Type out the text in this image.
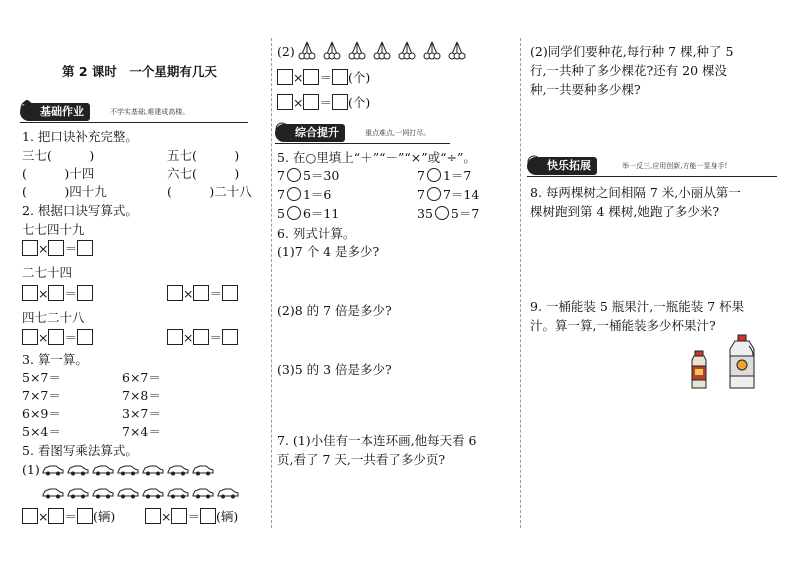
第 2 课时　一个星期有几天
基础作业	不学实基础,难建成高楼。
1. 把口诀补充完整。
三七(　　　)	五七(　　　)
(　　　)十四	六七(　　　)
(　　　)四十九	(　　　)二十八
2. 根据口诀写算式。
七七四十九
× ＝
二七十四
× ＝	× ＝
四七二十八
× ＝	× ＝
3. 算一算。
5×7＝	6×7＝
7×7＝	7×8＝
6×9＝	3×7＝
5×4＝	7×4＝
5. 看图写乘法算式。
(1)
× ＝ (辆)	× ＝ (辆)
(2)
× ＝ (个)
× ＝ (个)
综合提升	重点难点,一网打尽。
5. 在○里填上“＋”“－”“×”或“÷”。
7 5＝30	7 1＝7
7 1＝6	7 7＝14
5 6＝11	35 5＝7
6. 列式计算。
(1)7 个 4 是多少?
(2)8 的 7 倍是多少?
(3)5 的 3 倍是多少?
7. (1)小佳有一本连环画,他每天看 6
页,看了 7 天,一共看了多少页?
(2)同学们要种花,每行种 7 棵,种了 5
行,一共种了多少棵花?还有 20 棵没
种,一共要种多少棵?
快乐拓展	举一反三,应用创新,方能一显身手!
8. 每两棵树之间相隔 7 米,小丽从第一
棵树跑到第 4 棵树,她跑了多少米?
9. 一桶能装 5 瓶果汁,一瓶能装 7 杯果
汁。算一算,一桶能装多少杯果汁?
